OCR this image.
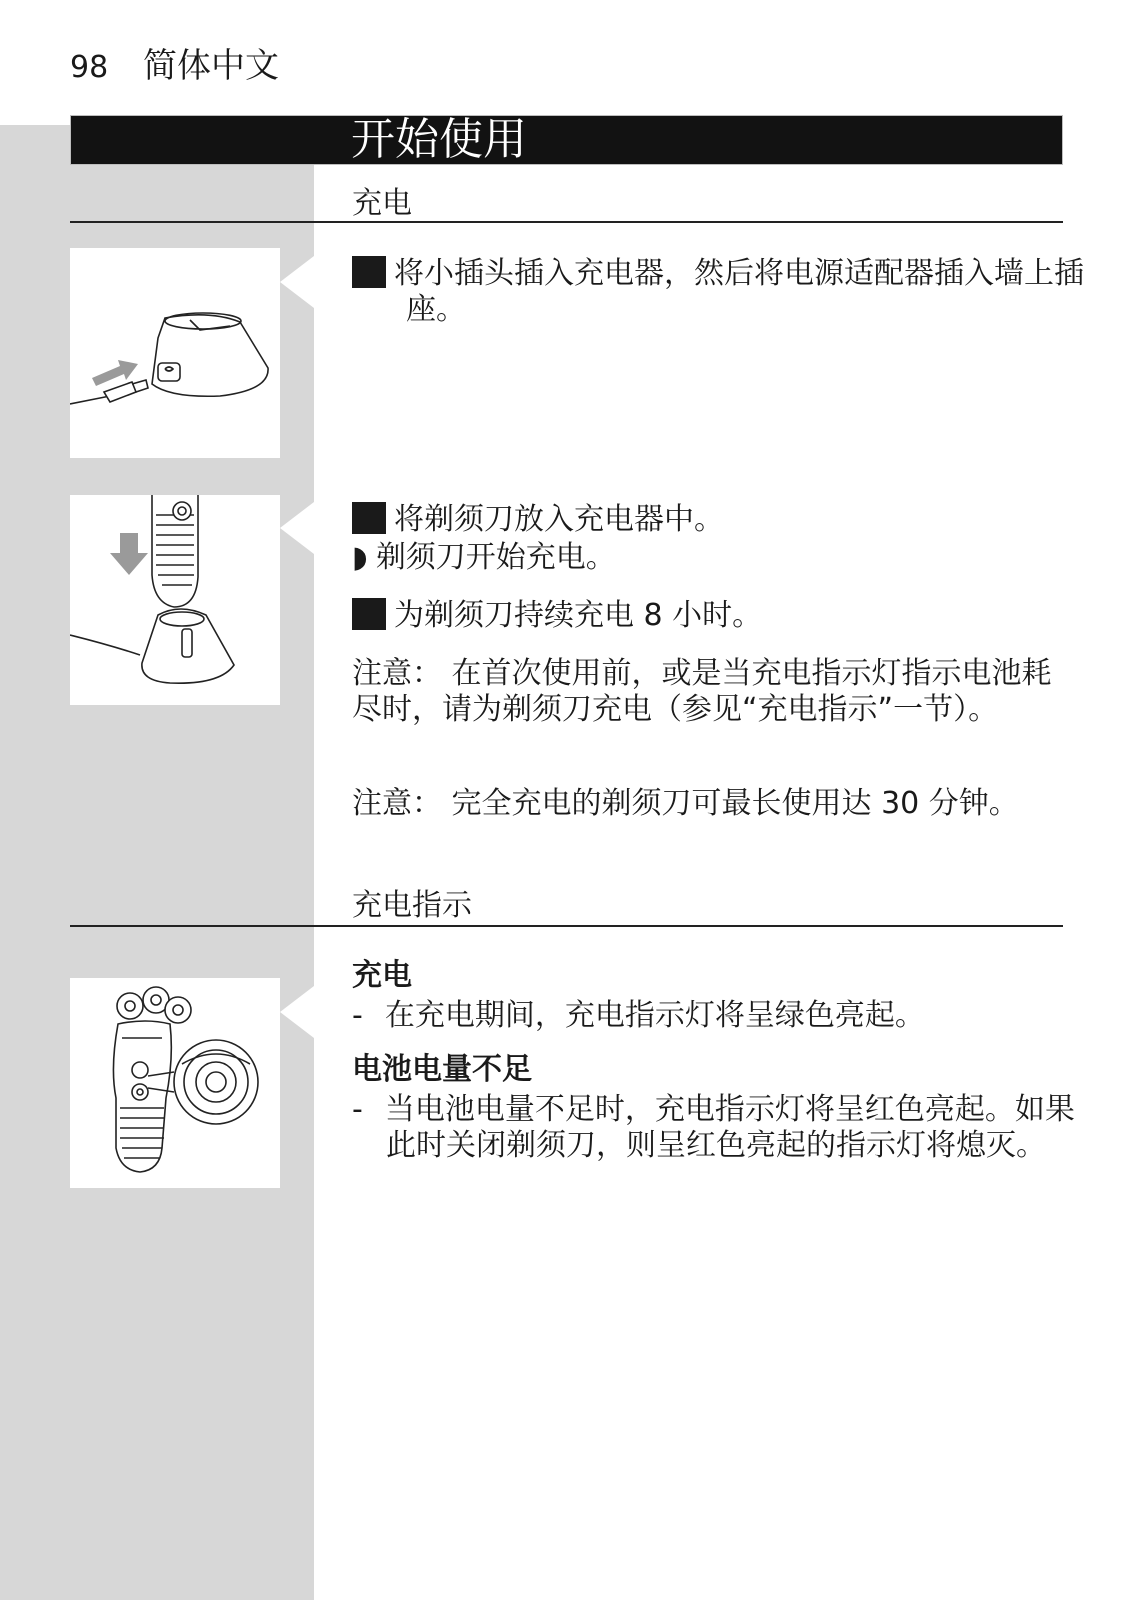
98 简体中文
开始使用
充电
1 将小插头插入充电器，然后将电源适配器插入墙上插座。
2 将剃须刀放入充电器中。
◗ 剃须刀开始充电。
3 为剃须刀持续充电 8 小时。
注意： 在首次使用前，或是当充电指示灯指示电池耗尽时，请为剃须刀充电（参见“充电指示”一节）。
注意： 完全充电的剃须刀可最长使用达 30 分钟。
充电指示
充电
- 在充电期间，充电指示灯将呈绿色亮起。
电池电量不足
- 当电池电量不足时，充电指示灯将呈红色亮起。如果此时关闭剃须刀，则呈红色亮起的指示灯将熄灭。
